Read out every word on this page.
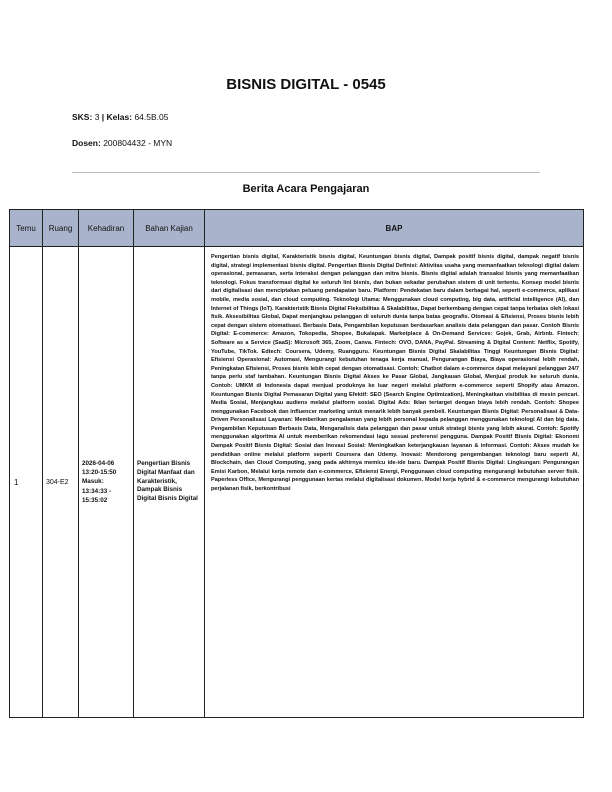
BISNIS DIGITAL - 0545
SKS: 3 | Kelas: 64.5B.05
Dosen: 200804432 - MYN
Berita Acara Pengajaran
Temu	Ruang	Kehadiran	Bahan Kajian	BAP
1	304-E2	2026-04-06 13:20-15:50 Masuk: 13:34:33 - 15:35:02	Pengertian Bisnis Digital Manfaat dan Karakteristik, Dampak Bisnis Digital Bisnis Digital	Pengertian bisnis digital, Karakteristik bisnis digital, Keuntungan bisnis digital, Dampak positif bisnis digital, dampak negatif bisnis digital, strategi implementasi bisnis digital. Pengertian Bisnis Digital Definisi: Aktivitas usaha yang memanfaatkan teknologi digital dalam operasional, pemasaran, serta interaksi dengan pelanggan dan mitra bisnis. Bisnis digital adalah transaksi bisnis yang memanfaatkan teknologi. Fokus transformasi digital ke seluruh lini bisnis, dan bukan sekadar perubahan sistem di unit tertentu. Konsep model bisnis dari digitalisasi dan menciptakan peluang pendapatan baru. Platform: Pendekatan baru dalam berbagai hal, seperti e-commerce, aplikasi mobile, media sosial, dan cloud computing. Teknologi Utama: Menggunakan cloud computing, big data, artificial intelligence (AI), dan Internet of Things (IoT). Karakteristik Bisnis Digital Fleksibilitas & Skalabilitas, Dapat berkembang dengan cepat tanpa terbatas oleh lokasi fisik. Aksesibilitas Global, Dapat menjangkau pelanggan di seluruh dunia tanpa batas geografis. Otomasi & Efisiensi, Proses bisnis lebih cepat dengan sistem otomatisasi. Berbasis Data, Pengambilan keputusan berdasarkan analisis data pelanggan dan pasar. Contoh Bisnis Digital: E-commerce: Amazon, Tokopedia, Shopee, Bukalapak. Marketplace & On-Demand Services: Gojek, Grab, Airbnb. Fintech: Software as a Service (SaaS): Microsoft 365, Zoom, Canva. Fintech: OVO, DANA, PayPal. Streaming & Digital Content: Netflix, Spotify, YouTube, TikTok. Edtech: Coursera, Udemy, Ruangguru. Keuntungan Bisnis Digital Skalabilitas Tinggi Keuntungan Bisnis Digital: Efisiensi Operasional: Automasi, Mengurangi kebutuhan tenaga kerja manual, Pengurangan Biaya, Biaya operasional lebih rendah, Peningkatan Efisiensi, Proses bisnis lebih cepat dengan otomatisasi. Contoh: Chatbot dalam e-commerce dapat melayani pelanggan 24/7 tanpa perlu staf tambahan. Keuntungan Bisnis Digital Akses ke Pasar Global, Jangkauan Global, Menjual produk ke seluruh dunia. Contoh: UMKM di Indonesia dapat menjual produknya ke luar negeri melalui platform e-commerce seperti Shopify atau Amazon. Keuntungan Bisnis Digital Pemasaran Digital yang Efektif: SEO (Search Engine Optimization), Meningkatkan visibilitas di mesin pencari. Media Sosial, Menjangkau audiens melalui platform sosial. Digital Ads: Iklan tertarget dengan biaya lebih rendah. Contoh: Shopee menggunakan Facebook dan influencer marketing untuk menarik lebih banyak pembeli. Keuntungan Bisnis Digital: Personalisasi & Data-Driven Personalisasi Layanan: Memberikan pengalaman yang lebih personal kepada pelanggan menggunakan teknologi AI dan big data. Pengambilan Keputusan Berbasis Data, Menganalisis data pelanggan dan pasar untuk strategi bisnis yang lebih akurat. Contoh: Spotify menggunakan algoritma AI untuk memberikan rekomendasi lagu sesuai preferensi pengguna. Dampak Positif Bisnis Digital: Ekonomi Dampak Positif Bisnis Digital: Sosial dan Inovasi Sosial: Meningkatkan keterjangkauan layanan & informasi. Contoh: Akses mudah ke pendidikan online melalui platform seperti Coursera dan Udemy. Inovasi: Mendorong pengembangan teknologi baru seperti AI, Blockchain, dan Cloud Computing, yang pada akhirnya memicu ide-ide baru. Dampak Positif Bisnis Digital: Lingkungan: Pengurangan Emisi Karbon, Melalui kerja remote dan e-commerce, Efisiensi Energi, Penggunaan cloud computing mengurangi kebutuhan server fisik. Paperless Office, Mengurangi penggunaan kertas melalui digitalisasi dokumen. Model kerja hybrid & e-commerce mengurangi kebutuhan perjalanan fisik, berkontribusi
